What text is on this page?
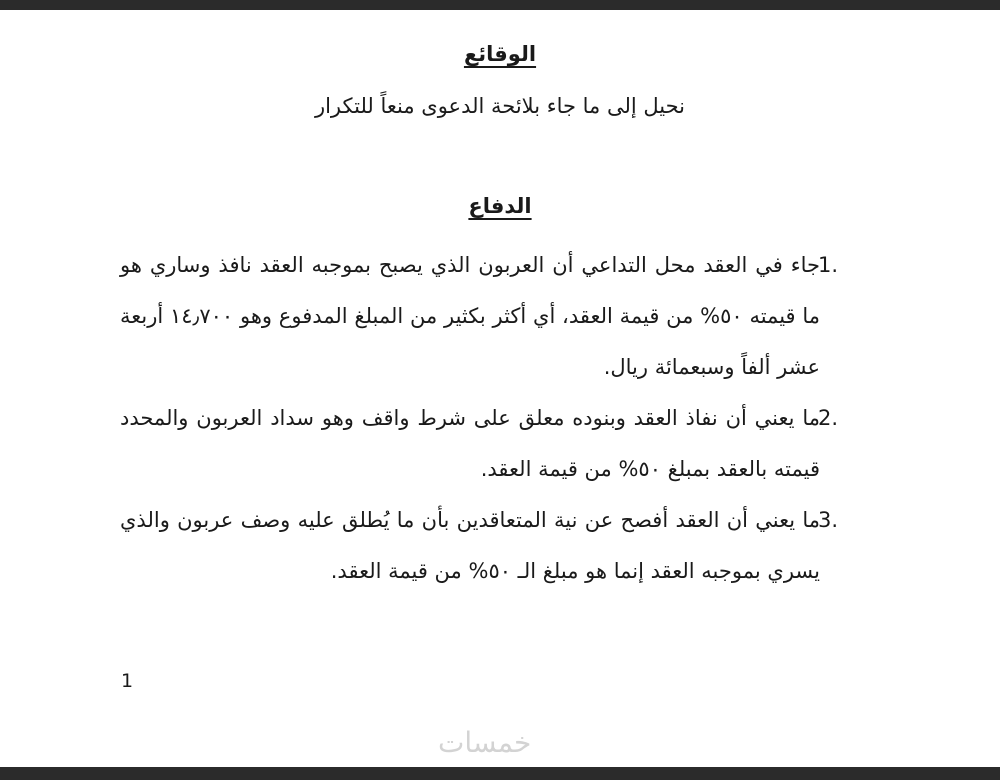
الوقائع
نحيل إلى ما جاء بلائحة الدعوى منعاً للتكرار
الدفاع
1.

جاء في العقد محل التداعي أن العربون الذي يصبح بموجبه العقد نافذ وساري هو ما قيمته ٥٠% من قيمة العقد، أي أكثر بكثير من المبلغ المدفوع وهو ١٤٫٧٠٠ أربعة عشر ألفاً وسبعمائة ريال.

2.

ما يعني أن نفاذ العقد وبنوده معلق على شرط واقف وهو سداد العربون والمحدد قيمته بالعقد بمبلغ ٥٠% من قيمة العقد.

3.

ما يعني أن العقد أفصح عن نية المتعاقدين بأن ما يُطلق عليه وصف عربون والذي يسري بموجبه العقد إنما هو مبلغ الـ ٥٠% من قيمة العقد.

1
خمسات
